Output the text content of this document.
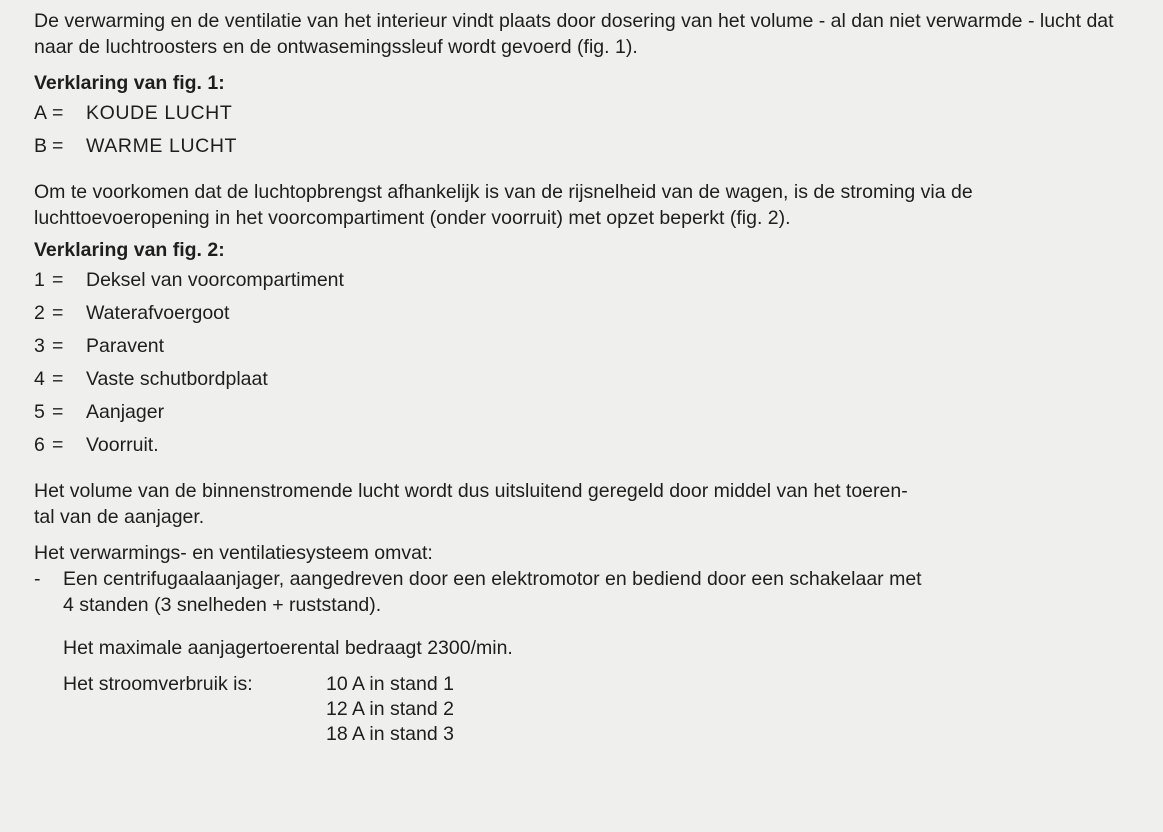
De verwarming en de ventilatie van het interieur vindt plaats door dosering van het volume - al dan niet verwarmde - lucht dat naar de luchtroosters en de ontwasemingssleuf wordt gevoerd (fig. 1).

Verklaring van fig. 1:

A =	KOUDE LUCHT
B =	WARME LUCHT

Om te voorkomen dat de luchtopbrengst afhankelijk is van de rijsnelheid van de wagen, is de stroming via de luchttoevoeropening in het voorcompartiment (onder voorruit) met opzet beperkt (fig. 2).

Verklaring van fig. 2:

1 =	Deksel van voorcompartiment
2 =	Waterafvoergoot
3 =	Paravent
4 =	Vaste schutbordplaat
5 =	Aanjager
6 =	Voorruit.

Het volume van de binnenstromende lucht wordt dus uitsluitend geregeld door middel van het toeren-

tal van de aanjager.

Het verwarmings- en ventilatiesysteem omvat:

-	Een centrifugaalaanjager, aangedreven door een elektromotor en bediend door een schakelaar met

4 standen (3 snelheden + ruststand).

Het maximale aanjagertoerental bedraagt 2300/min.

Het stroomverbruik is:	10 A in stand 1
12 A in stand 2
18 A in stand 3
